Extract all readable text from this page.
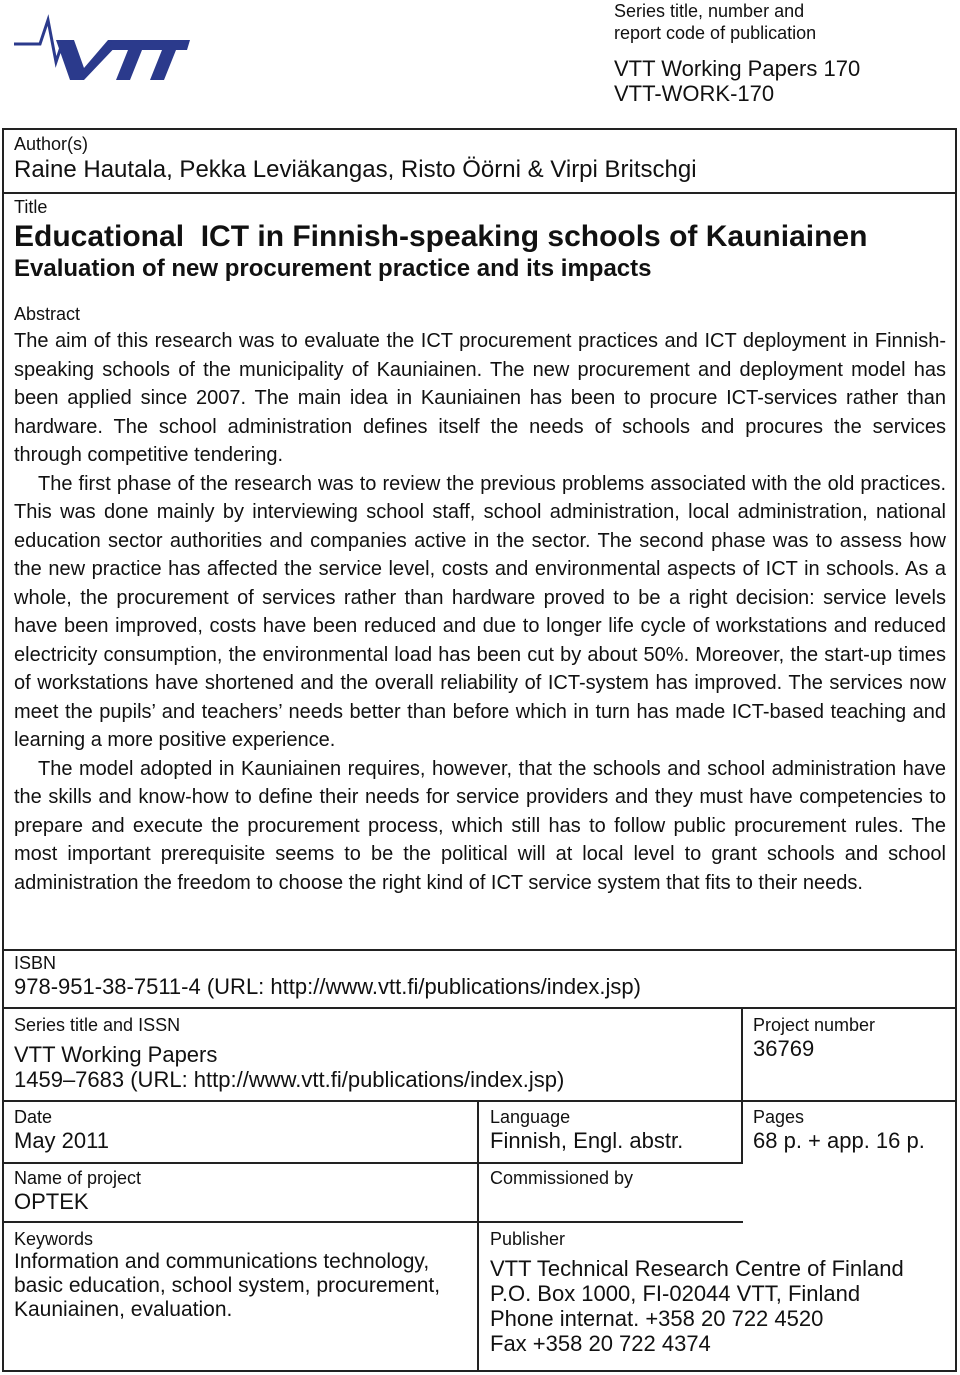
Series title, number and
report code of publication
VTT Working Papers 170
VTT-WORK-170
Author(s)
Raine Hautala, Pekka Leviäkangas, Risto Öörni & Virpi Britschgi
Title
Educational  ICT in Finnish-speaking schools of Kauniainen
Evaluation of new procurement practice and its impacts
Abstract

The aim of this research was to evaluate the ICT procurement practices and ICT deployment in Finnish-speaking schools of the municipality of Kauniainen. The new procurement and deployment model has been applied since 2007. The main idea in Kauniainen has been to procure ICT-services rather than hardware. The school administration defines itself the needs of schools and procures the services through competitive tendering.

The first phase of the research was to review the previous problems associated with the old practices. This was done mainly by interviewing school staff, school administration, local administration, national education sector authorities and companies active in the sector. The second phase was to assess how the new practice has affected the service level, costs and environmental aspects of ICT in schools. As a whole, the procurement of services rather than hardware proved to be a right decision: service levels have been improved, costs have been reduced and due to longer life cycle of workstations and reduced electricity consumption, the environmental load has been cut by about 50%. Moreover, the start-up times of workstations have shortened and the overall reliability of ICT-system has improved. The services now meet the pupils’ and teachers’ needs better than before which in turn has made ICT-based teaching and learning a more positive experience.

The model adopted in Kauniainen requires, however, that the schools and school administration have the skills and know-how to define their needs for service providers and they must have competencies to prepare and execute the procurement process, which still has to follow public procurement rules. The most important prerequisite seems to be the political will at local level to grant schools and school administration the freedom to choose the right kind of ICT service system that fits to their needs.

ISBN
978-951-38-7511-4 (URL: http://www.vtt.fi/publications/index.jsp)
Series title and ISSN
VTT Working Papers
1459–7683 (URL: http://www.vtt.fi/publications/index.jsp)
Project number
36769
Date
May 2011
Language
Finnish, Engl. abstr.
Pages
68 p. + app. 16 p.
Name of project
OPTEK
Commissioned by
Keywords
Information and communications technology,
basic education, school system, procurement,
Kauniainen, evaluation.
Publisher
VTT Technical Research Centre of Finland
P.O. Box 1000, FI-02044 VTT, Finland
Phone internat. +358 20 722 4520
Fax +358 20 722 4374
